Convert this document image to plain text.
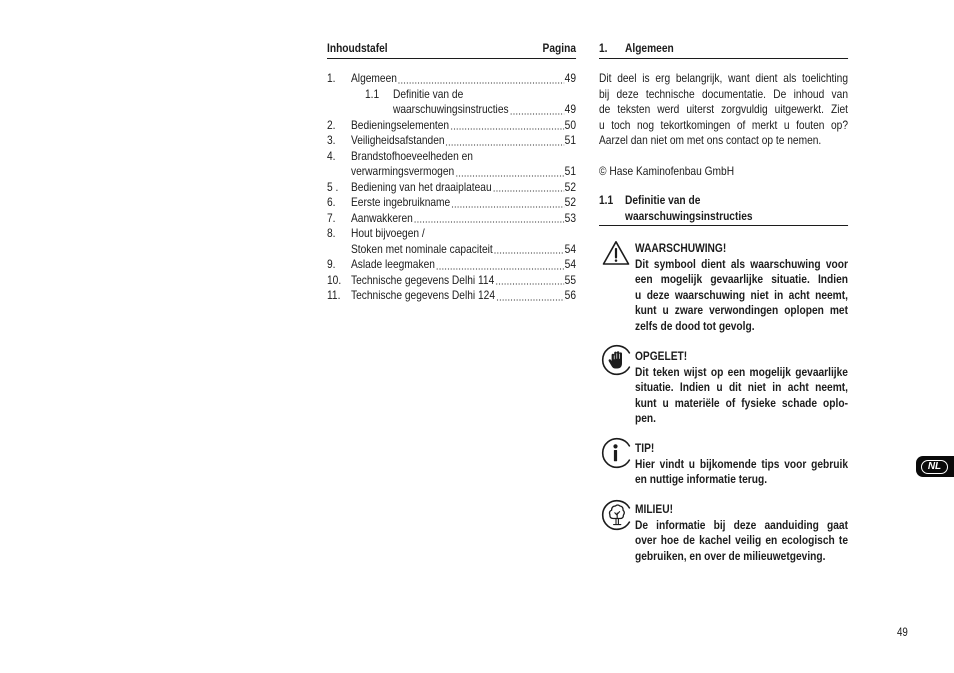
Inhoudstafel	Pagina
1. Algemeen	49
1.1 Definitie van de
waarschuwingsinstructies	49
2. Bedieningselementen	50
3. Veiligheidsafstanden	51
4. Brandstofhoeveelheden en
verwarmingsvermogen	51
5 . Bediening van het draaiplateau	52
6. Eerste ingebruikname	52
7. Aanwakkeren	53
8. Hout bijvoegen /
Stoken met nominale capaciteit	54
9. Aslade leegmaken	54
10. Technische gegevens Delhi 114	55
11. Technische gegevens Delhi 124	56
1. Algemeen
Dit deel is erg belangrijk, want dient als toelichting
bij deze technische documentatie. De inhoud van
de teksten werd uiterst zorgvuldig uitgewerkt. Ziet
u toch nog tekortkomingen of merkt u fouten op?
Aarzel dan niet om met ons contact op te nemen.
© Hase Kaminofenbau GmbH
1.1 Definitie van de
waarschuwingsinstructies
WAARSCHUWING!
Dit symbool dient als waarschuwing voor
een mogelijk gevaarlijke situatie. Indien
u deze waarschuwing niet in acht neemt,
kunt u zware verwondingen oplopen met
zelfs de dood tot gevolg.
OPGELET!
Dit teken wijst op een mogelijk gevaarlijke
situatie. Indien u dit niet in acht neemt,
kunt u materiële of fysieke schade oplo-
pen.
TIP!
Hier vindt u bijkomende tips voor gebruik
en nuttige informatie terug.
MILIEU!
De informatie bij deze aanduiding gaat
over hoe de kachel veilig en ecologisch te
gebruiken, en over de milieuwetgeving.
NL
49
